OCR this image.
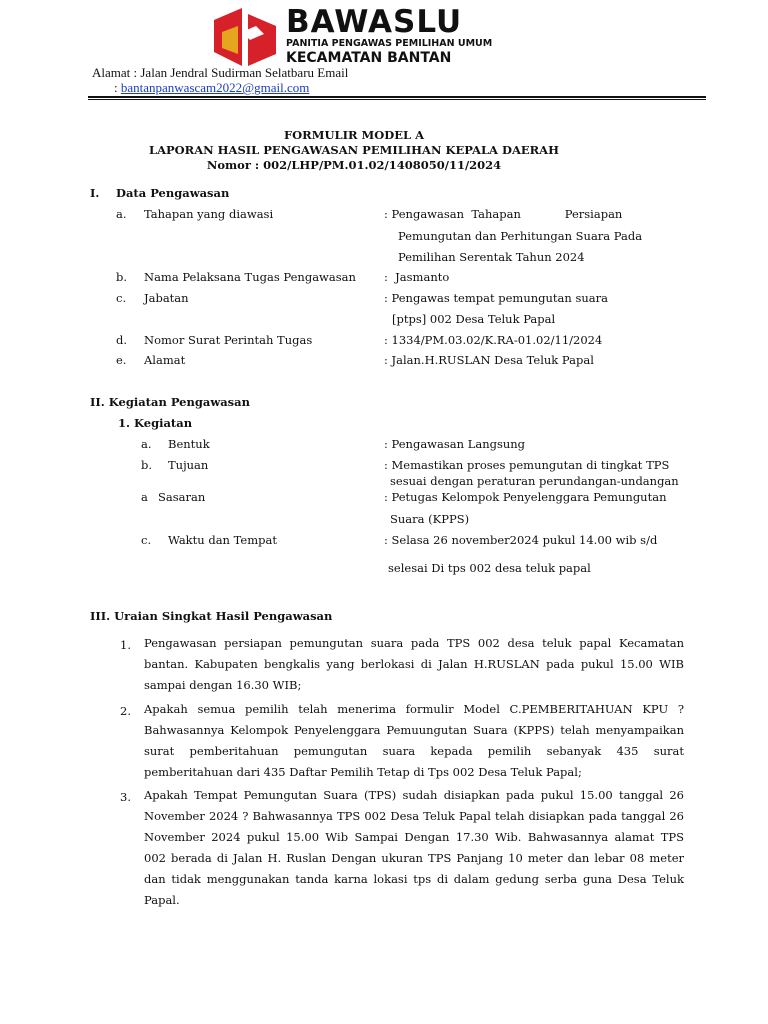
BAWASLU
PANITIA PENGAWAS PEMILIHAN UMUM
KECAMATAN BANTAN
Alamat : Jalan Jendral Sudirman Selatbaru Email
: bantanpanwascam2022@gmail.com
FORMULIR MODEL A
LAPORAN HASIL PENGAWASAN PEMILIHAN KEPALA DAERAH
Nomor : 002/LHP/PM.01.02/1408050/11/2024
I. Data Pengawasan
a. Tahapan yang diawasi	: Pengawasan  Tahapan            Persiapan
Pemungutan dan Perhitungan Suara Pada
Pemilihan Serentak Tahun 2024
b. Nama Pelaksana Tugas Pengawasan :  Jasmanto
c. Jabatan	: Pengawas tempat pemungutan suara
[ptps] 002 Desa Teluk Papal
d. Nomor Surat Perintah Tugas	: 1334/PM.03.02/K.RA-01.02/11/2024
e. Alamat	: Jalan.H.RUSLAN Desa Teluk Papal
II. Kegiatan Pengawasan
1. Kegiatan
a. Bentuk	: Pengawasan Langsung
b. Tujuan	: Memastikan proses pemungutan di tingkat TPS
sesuai dengan peraturan perundangan-undangan
a Sasaran	: Petugas Kelompok Penyelenggara Pemungutan
Suara (KPPS)
c. Waktu dan Tempat	: Selasa 26 november2024 pukul 14.00 wib s/d
selesai Di tps 002 desa teluk papal
III. Uraian Singkat Hasil Pengawasan
1. Pengawasan persiapan pemungutan suara pada TPS 002 desa teluk papal Kecamatan
bantan. Kabupaten bengkalis yang berlokasi di Jalan H.RUSLAN pada pukul 15.00 WIB
sampai dengan 16.30 WIB;
2. Apakah semua pemilih telah menerima formulir Model C.PEMBERITAHUAN KPU ?
Bahwasannya Kelompok Penyelenggara Pemuungutan Suara (KPPS) telah menyampaikan
surat pemberitahuan pemungutan suara kepada pemilih sebanyak 435 surat
pemberitahuan dari 435 Daftar Pemilih Tetap di Tps 002 Desa Teluk Papal;
3. Apakah Tempat Pemungutan Suara (TPS) sudah disiapkan pada pukul 15.00 tanggal 26
November 2024 ? Bahwasannya TPS 002 Desa Teluk Papal telah disiapkan pada tanggal 26
November 2024 pukul 15.00 Wib Sampai Dengan 17.30 Wib. Bahwasannya alamat TPS
002 berada di Jalan H. Ruslan Dengan ukuran TPS Panjang 10 meter dan lebar 08 meter
dan tidak menggunakan tanda karna lokasi tps di dalam gedung serba guna Desa Teluk
Papal.
